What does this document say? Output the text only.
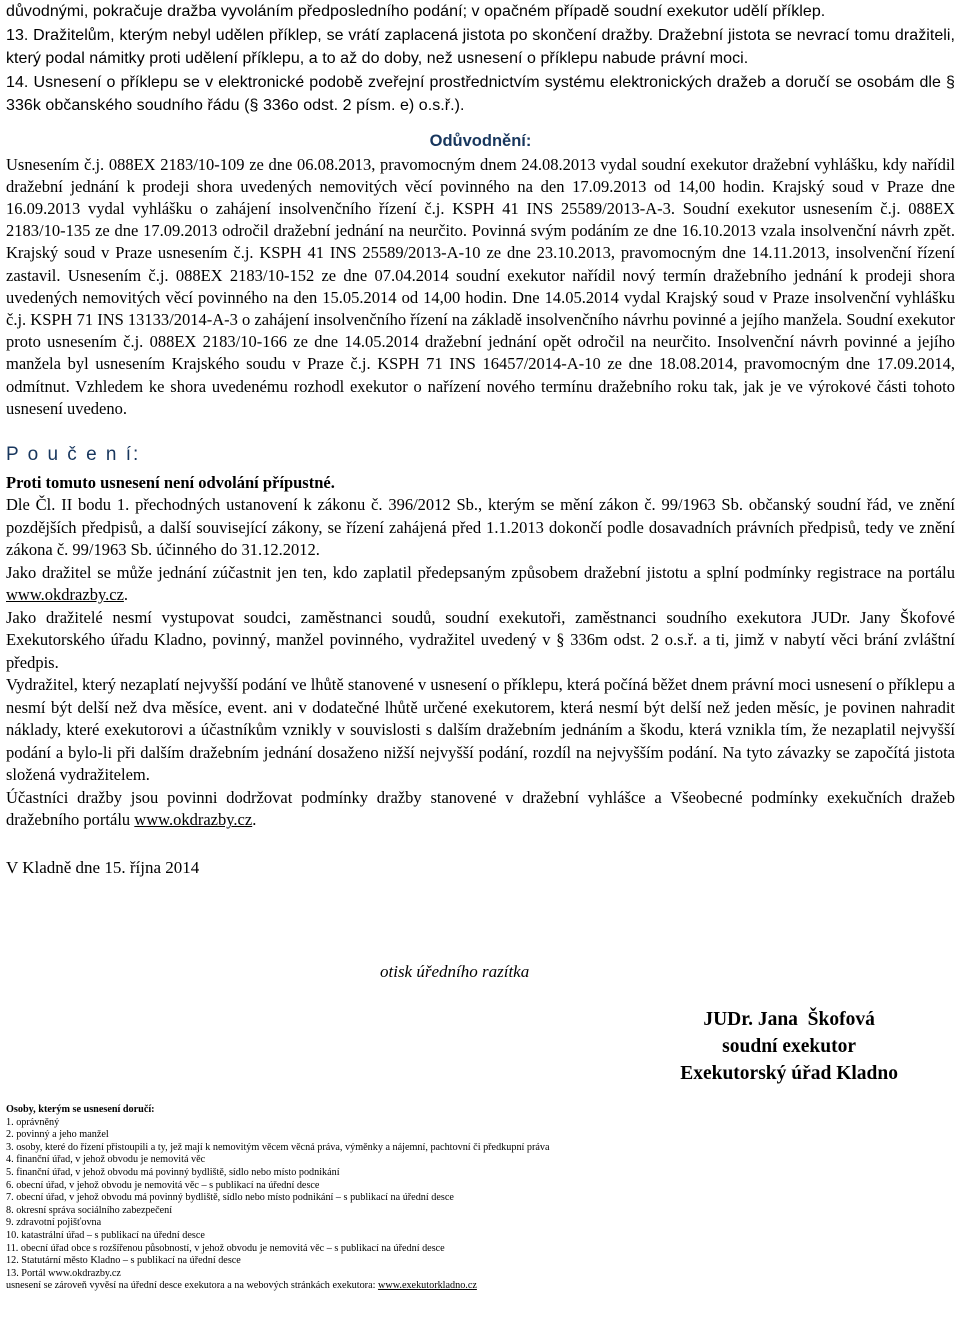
důvodnými, pokračuje dražba vyvoláním předposledního podání; v opačném případě soudní exekutor udělí příklep.

13. Dražitelům, kterým nebyl udělen příklep, se vrátí zaplacená jistota po skončení dražby. Dražební jistota se nevrací tomu dražiteli, který podal námitky proti udělení příklepu, a to až do doby, než usnesení o příklepu nabude právní moci.

14. Usnesení o příklepu se v elektronické podobě zveřejní prostřednictvím systému elektronických dražeb a doručí se osobám dle § 336k občanského soudního řádu (§ 336o odst. 2 písm. e) o.s.ř.).

Odůvodnění:

Usnesením č.j. 088EX 2183/10-109 ze dne 06.08.2013, pravomocným dnem 24.08.2013 vydal soudní exekutor dražební vyhlášku, kdy nařídil dražební jednání k prodeji shora uvedených nemovitých věcí povinného na den 17.09.2013 od 14,00 hodin. Krajský soud v Praze dne 16.09.2013 vydal vyhlášku o zahájení insolvenčního řízení č.j. KSPH 41 INS 25589/2013-A-3. Soudní exekutor usnesením č.j. 088EX 2183/10-135 ze dne 17.09.2013 odročil dražební jednání na neurčito. Povinná svým podáním ze dne 16.10.2013 vzala insolvenční návrh zpět. Krajský soud v Praze usnesením č.j. KSPH 41 INS 25589/2013-A-10 ze dne 23.10.2013, pravomocným dne 14.11.2013, insolvenční řízení zastavil. Usnesením č.j. 088EX 2183/10-152 ze dne 07.04.2014 soudní exekutor nařídil nový termín dražebního jednání k prodeji shora uvedených nemovitých věcí povinného na den 15.05.2014 od 14,00 hodin. Dne 14.05.2014 vydal Krajský soud v Praze insolvenční vyhlášku č.j. KSPH 71 INS 13133/2014-A-3 o zahájení insolvenčního řízení na základě insolvenčního návrhu povinné a jejího manžela. Soudní exekutor proto usnesením č.j. 088EX 2183/10-166 ze dne 14.05.2014 dražební jednání opět odročil na neurčito. Insolvenční návrh povinné a jejího manžela byl usnesením Krajského soudu v Praze č.j. KSPH 71 INS 16457/2014-A-10 ze dne 18.08.2014, pravomocným dne 17.09.2014, odmítnut. Vzhledem ke shora uvedenému rozhodl exekutor o nařízení nového termínu dražebního roku tak, jak je ve výrokové části tohoto usnesení uvedeno.

P o u č e n í:

Proti tomuto usnesení není odvolání přípustné.

Dle Čl. II bodu 1. přechodných ustanovení k zákonu č. 396/2012 Sb., kterým se mění zákon č. 99/1963 Sb. občanský soudní řád, ve znění pozdějších předpisů, a další související zákony, se řízení zahájená před 1.1.2013 dokončí podle dosavadních právních předpisů, tedy ve znění zákona č. 99/1963 Sb. účinného do 31.12.2012.

Jako dražitel se může jednání zúčastnit jen ten, kdo zaplatil předepsaným způsobem dražební jistotu a splní podmínky registrace na portálu www.okdrazby.cz.

Jako dražitelé nesmí vystupovat soudci, zaměstnanci soudů, soudní exekutoři, zaměstnanci soudního exekutora JUDr. Jany Škofové Exekutorského úřadu Kladno, povinný, manžel povinného, vydražitel uvedený v § 336m odst. 2 o.s.ř. a ti, jimž v nabytí věci brání zvláštní předpis.

Vydražitel, který nezaplatí nejvyšší podání ve lhůtě stanovené v usnesení o příklepu, která počíná běžet dnem právní moci usnesení o příklepu a nesmí být delší než dva měsíce, event. ani v dodatečné lhůtě určené exekutorem, která nesmí být delší než jeden měsíc, je povinen nahradit náklady, které exekutorovi a účastníkům vznikly v souvislosti s dalším dražebním jednáním a škodu, která vznikla tím, že nezaplatil nejvyšší podání a bylo-li při dalším dražebním jednání dosaženo nižší nejvyšší podání, rozdíl na nejvyšším podání. Na tyto závazky se započítá jistota složená vydražitelem.

Účastníci dražby jsou povinni dodržovat podmínky dražby stanovené v dražební vyhlášce a Všeobecné podmínky exekučních dražeb dražebního portálu www.okdrazby.cz.

V Kladně dne 15. října 2014
otisk úředního razítka
JUDr. Jana  Škofová
soudní exekutor
Exekutorský úřad Kladno
Osoby, kterým se usnesení doručí:
1. oprávněný
2. povinný a jeho manžel
3. osoby, které do řízení přistoupili a ty, jež mají k nemovitým věcem věcná práva, výměnky a nájemní, pachtovní či předkupní práva
4. finanční úřad, v jehož obvodu je nemovitá věc
5. finanční úřad, v jehož obvodu má povinný bydliště, sídlo nebo místo podnikání
6. obecní úřad, v jehož obvodu je nemovitá věc – s publikací na úřední desce
7. obecní úřad, v jehož obvodu má povinný bydliště, sídlo nebo místo podnikání – s publikací na úřední desce
8. okresní správa sociálního zabezpečení
9. zdravotní pojišťovna
10. katastrální úřad – s publikací na úřední desce
11. obecní úřad obce s rozšířenou působností, v jehož obvodu je nemovitá věc – s publikací na úřední desce
12. Statutární město Kladno – s publikací na úřední desce
13. Portál www.okdrazby.cz
usnesení se zároveň vyvěsí na úřední desce exekutora a na webových stránkách exekutora: www.exekutorkladno.cz
